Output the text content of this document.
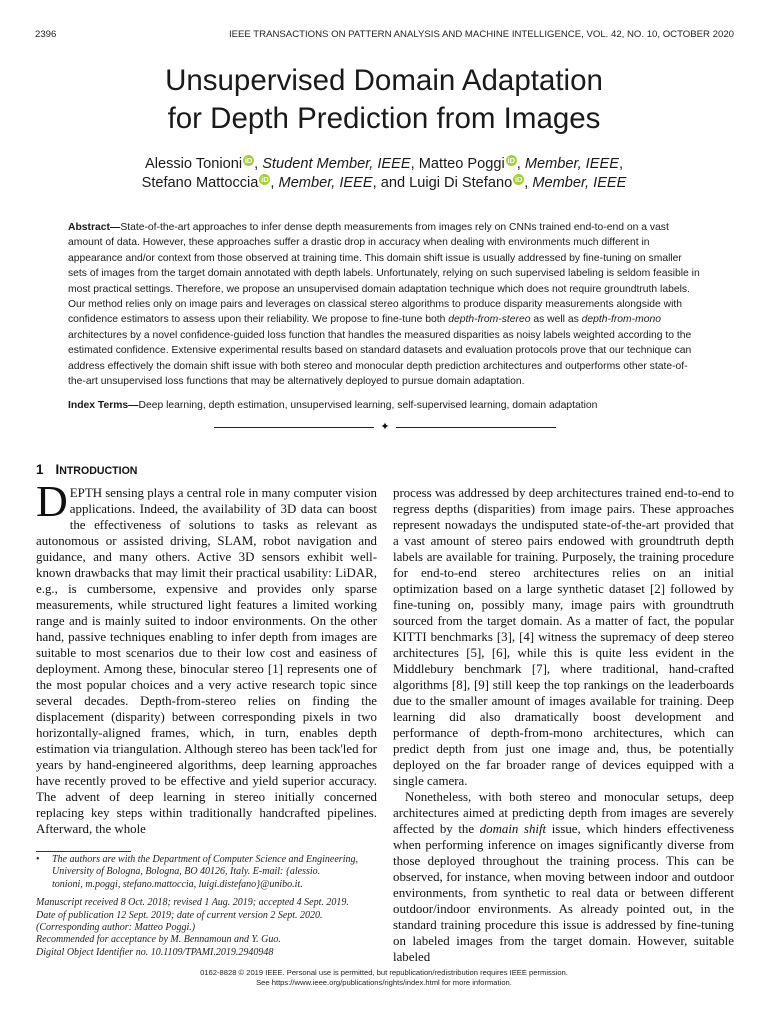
2396	IEEE TRANSACTIONS ON PATTERN ANALYSIS AND MACHINE INTELLIGENCE, VOL. 42, NO. 10, OCTOBER 2020
Unsupervised Domain Adaptation
for Depth Prediction from Images
Alessio Tonioni iD , Student Member, IEEE, Matteo Poggi iD , Member, IEEE,
Stefano Mattoccia iD , Member, IEEE, and Luigi Di Stefano iD , Member, IEEE

Abstract—State-of-the-art approaches to infer dense depth measurements from images rely on CNNs trained end-to-end on a vast amount of data. However, these approaches suffer a drastic drop in accuracy when dealing with environments much different in appearance and/or context from those observed at training time. This domain shift issue is usually addressed by fine-tuning on smaller sets of images from the target domain annotated with depth labels. Unfortunately, relying on such supervised labeling is seldom feasible in most practical settings. Therefore, we propose an unsupervised domain adaptation technique which does not require groundtruth labels. Our method relies only on image pairs and leverages on classical stereo algorithms to produce disparity measurements alongside with confidence estimators to assess upon their reliability. We propose to fine-tune both depth-from-stereo as well as depth-from-mono architectures by a novel confidence-guided loss function that handles the measured disparities as noisy labels weighted according to the estimated confidence. Extensive experimental results based on standard datasets and evaluation protocols prove that our technique can address effectively the domain shift issue with both stereo and monocular depth prediction architectures and outperforms other state-of-the-art unsupervised loss functions that may be alternatively deployed to pursue domain adaptation.

Index Terms—Deep learning, depth estimation, unsupervised learning, self-supervised learning, domain adaptation

✦
1 INTRODUCTION

DEPTH sensing plays a central role in many computer vision applications. Indeed, the availability of 3D data can boost the effectiveness of solutions to tasks as relevant as autonomous or assisted driving, SLAM, robot navigation and guidance, and many others. Active 3D sensors exhibit well-known drawbacks that may limit their practical usability: LiDAR, e.g., is cumbersome, expensive and provides only sparse measurements, while structured light features a limited working range and is mainly suited to indoor environments. On the other hand, passive techniques enabling to infer depth from images are suitable to most scenarios due to their low cost and easiness of deployment. Among these, binocular stereo [1] represents one of the most popular choices and a very active research topic since several decades. Depth-from-stereo relies on finding the displacement (disparity) between corresponding pixels in two horizontally-aligned frames, which, in turn, enables depth estimation via triangulation. Although stereo has been tack'led for years by hand-engineered algorithms, deep learning approaches have recently proved to be effective and yield superior accuracy. The advent of deep learning in stereo initially concerned replacing key steps within traditionally handcrafted pipelines. Afterward, the whole

process was addressed by deep architectures trained end-to-end to regress depths (disparities) from image pairs. These approaches represent nowadays the undisputed state-of-the-art provided that a vast amount of stereo pairs endowed with groundtruth depth labels are available for training. Purposely, the training procedure for end-to-end stereo architectures relies on an initial optimization based on a large synthetic dataset [2] followed by fine-tuning on, possibly many, image pairs with groundtruth sourced from the target domain. As a matter of fact, the popular KITTI benchmarks [3], [4] witness the supremacy of deep stereo architectures [5], [6], while this is quite less evident in the Middlebury benchmark [7], where traditional, hand-crafted algorithms [8], [9] still keep the top rankings on the leaderboards due to the smaller amount of images available for training. Deep learning did also dramatically boost development and performance of depth-from-mono architectures, which can predict depth from just one image and, thus, be potentially deployed on the far broader range of devices equipped with a single camera.

Nonetheless, with both stereo and monocular setups, deep architectures aimed at predicting depth from images are severely affected by the domain shift issue, which hinders effectiveness when performing inference on images significantly diverse from those deployed throughout the training process. This can be observed, for instance, when moving between indoor and outdoor environments, from synthetic to real data or between different outdoor/indoor environments. As already pointed out, in the standard training procedure this issue is addressed by fine-tuning on labeled images from the target domain. However, suitable labeled

•	The authors are with the Department of Computer Science and Engineering, University of Bologna, Bologna, BO 40126, Italy. E-mail: {alessio.
tonioni, m.poggi, stefano.mattoccia, luigi.distefano}@unibo.it.
Manuscript received 8 Oct. 2018; revised 1 Aug. 2019; accepted 4 Sept. 2019.
Date of publication 12 Sept. 2019; date of current version 2 Sept. 2020.
(Corresponding author: Matteo Poggi.)
Recommended for acceptance by M. Bennamoun and Y. Guo.
Digital Object Identifier no. 10.1109/TPAMI.2019.2940948
0162-8828 © 2019 IEEE. Personal use is permitted, but republication/redistribution requires IEEE permission.
See https://www.ieee.org/publications/rights/index.html for more information.
